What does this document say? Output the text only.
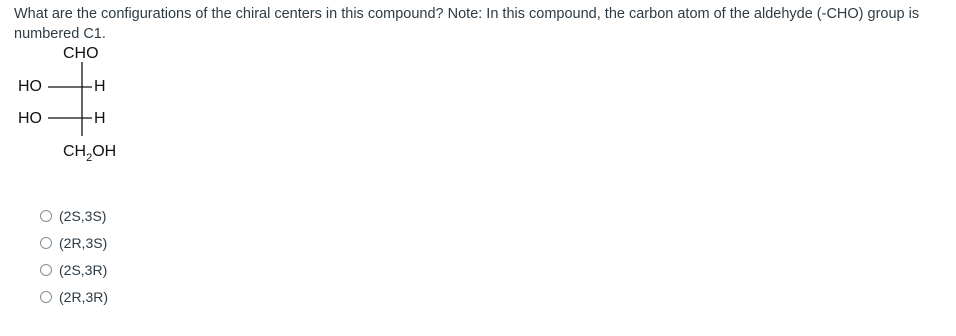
What are the configurations of the chiral centers in this compound? Note: In this compound, the carbon atom of the aldehyde (-CHO) group is numbered C1.
CHO
HO	H
HO	H
$CH_2OH$
(2S,3S)
(2R,3S)
(2S,3R)
(2R,3R)
